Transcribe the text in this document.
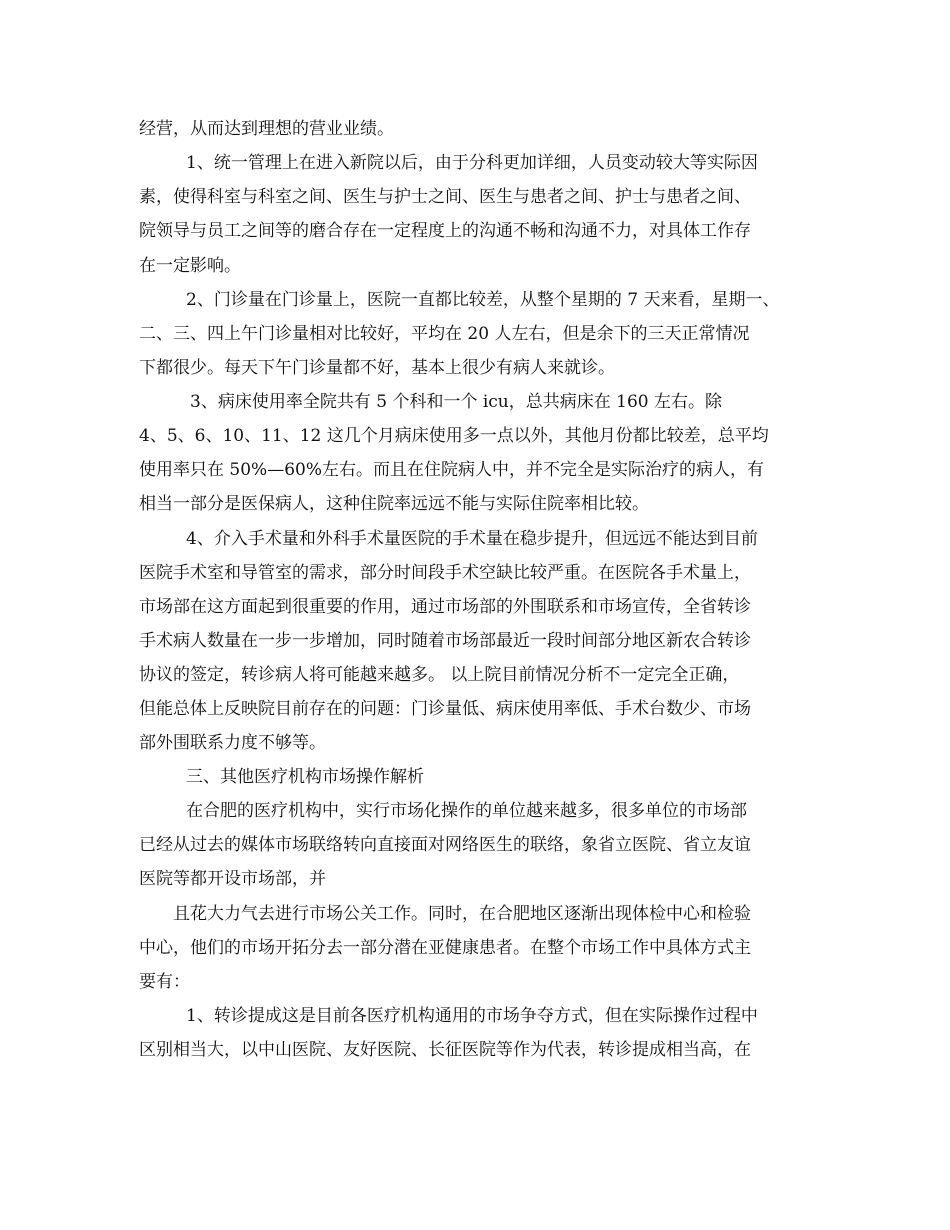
经营，从而达到理想的营业业绩。
1、统一管理上在进入新院以后，由于分科更加详细，人员变动较大等实际因
素，使得科室与科室之间、医生与护士之间、医生与患者之间、护士与患者之间、
院领导与员工之间等的磨合存在一定程度上的沟通不畅和沟通不力，对具体工作存
在一定影响。
2、门诊量在门诊量上，医院一直都比较差，从整个星期的 7 天来看，星期一、
二、三、四上午门诊量相对比较好，平均在 20 人左右，但是余下的三天正常情况
下都很少。每天下午门诊量都不好，基本上很少有病人来就诊。
3、病床使用率全院共有 5 个科和一个 icu，总共病床在 160 左右。除
4、5、6、10、11、12 这几个月病床使用多一点以外，其他月份都比较差，总平均
使用率只在 50%—60%左右。而且在住院病人中，并不完全是实际治疗的病人，有
相当一部分是医保病人，这种住院率远远不能与实际住院率相比较。
4、介入手术量和外科手术量医院的手术量在稳步提升，但远远不能达到目前
医院手术室和导管室的需求，部分时间段手术空缺比较严重。在医院各手术量上，
市场部在这方面起到很重要的作用，通过市场部的外围联系和市场宣传，全省转诊
手术病人数量在一步一步增加，同时随着市场部最近一段时间部分地区新农合转诊
协议的签定，转诊病人将可能越来越多。 以上院目前情况分析不一定完全正确，
但能总体上反映院目前存在的问题：门诊量低、病床使用率低、手术台数少、市场
部外围联系力度不够等。
三、其他医疗机构市场操作解析
在合肥的医疗机构中，实行市场化操作的单位越来越多，很多单位的市场部
已经从过去的媒体市场联络转向直接面对网络医生的联络，象省立医院、省立友谊
医院等都开设市场部，并
且花大力气去进行市场公关工作。同时，在合肥地区逐渐出现体检中心和检验
中心，他们的市场开拓分去一部分潜在亚健康患者。在整个市场工作中具体方式主
要有：
1、转诊提成这是目前各医疗机构通用的市场争夺方式，但在实际操作过程中
区别相当大，以中山医院、友好医院、长征医院等作为代表，转诊提成相当高，在
